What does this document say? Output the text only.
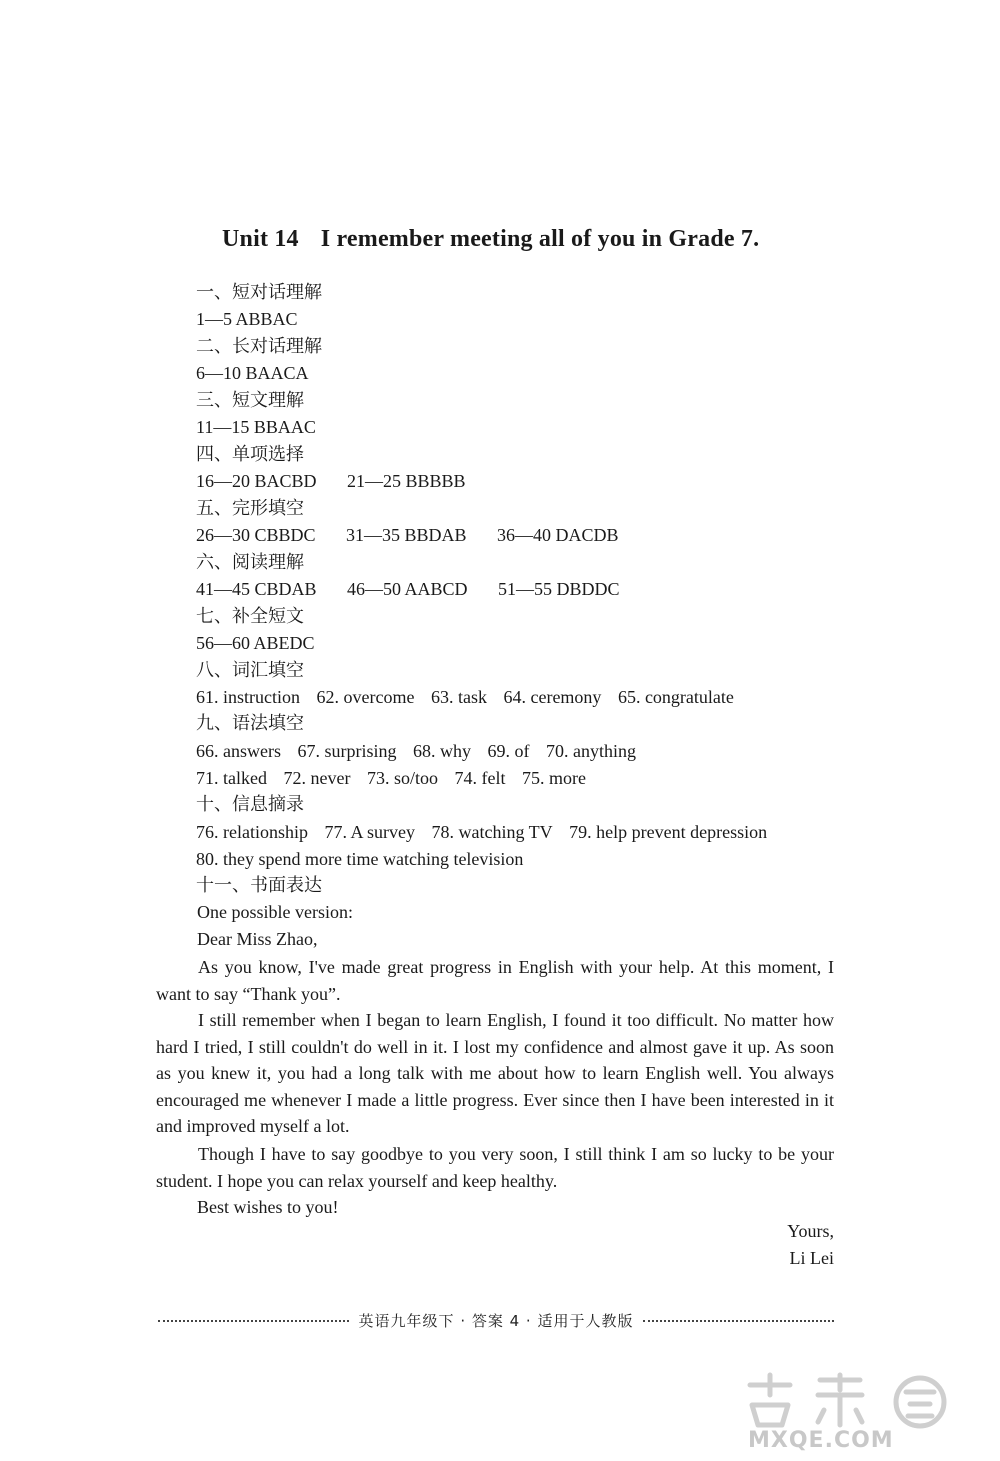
Unit 14 I remember meeting all of you in Grade 7.
一、短对话理解
1—5 ABBAC
二、长对话理解
6—10 BAACA
三、短文理解
11—15 BBAAC
四、单项选择
16—20 BACBD 21—25 BBBBB
五、完形填空
26—30 CBBDC 31—35 BBDAB 36—40 DACDB
六、阅读理解
41—45 CBDAB 46—50 AABCD 51—55 DBDDC
七、补全短文
56—60 ABEDC
八、词汇填空
61. instruction 62. overcome 63. task 64. ceremony 65. congratulate
九、语法填空
66. answers 67. surprising 68. why 69. of 70. anything
71. talked 72. never 73. so/too 74. felt 75. more
十、信息摘录
76. relationship 77. A survey 78. watching TV 79. help prevent depression
80. they spend more time watching television
十一、书面表达
One possible version:
Dear Miss Zhao,
As you know, I've made great progress in English with your help. At this moment, I want to say “Thank you”.
I still remember when I began to learn English, I found it too difficult. No matter how hard I tried, I still couldn't do well in it. I lost my confidence and almost gave it up. As soon as you knew it, you had a long talk with me about how to learn English well. You always encouraged me whenever I made a little progress. Ever since then I have been interested in it and improved myself a lot.
Though I have to say goodbye to you very soon, I still think I am so lucky to be your student. I hope you can relax yourself and keep healthy.
Best wishes to you!
Yours,
Li Lei
英语九年级下 · 答案 4 · 适用于人教版
MXQE.COM
